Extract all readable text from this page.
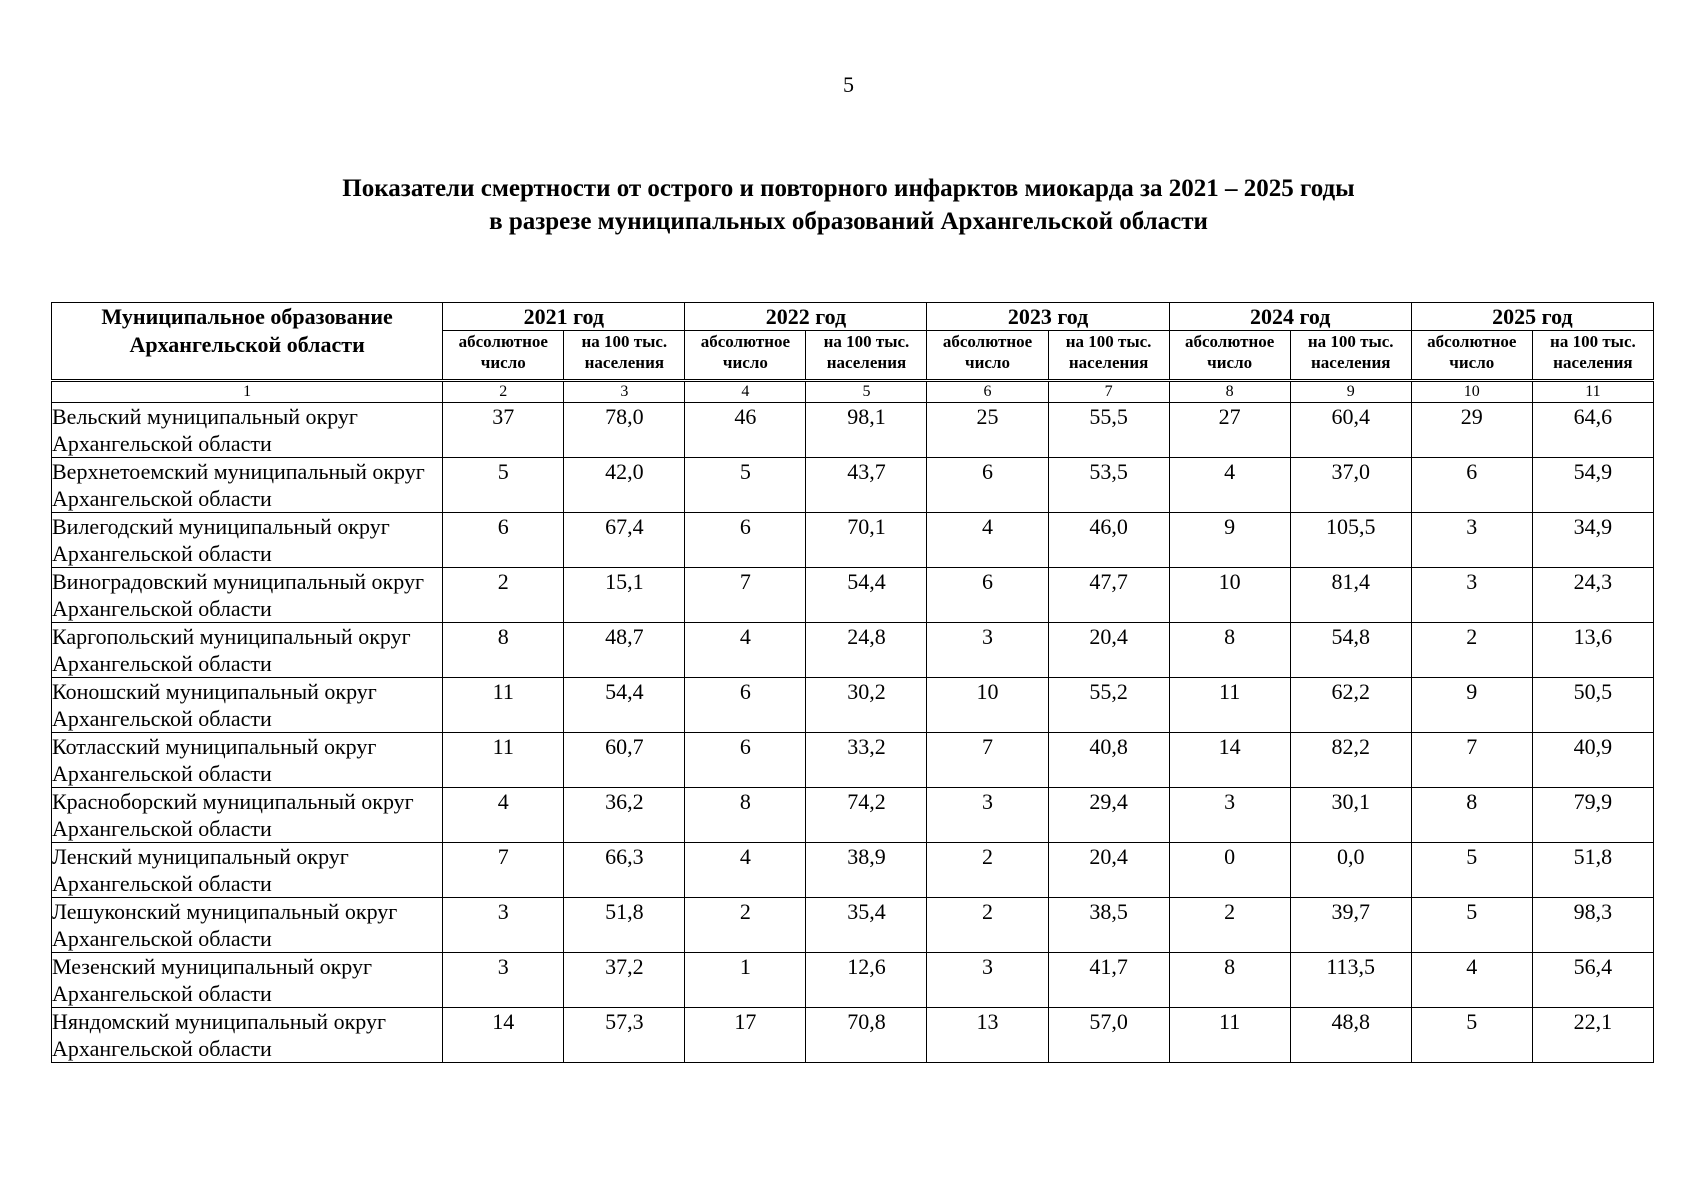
5
Показатели смертности от острого и повторного инфарктов миокарда за 2021 – 2025 годы
в разрезе муниципальных образований Архангельской области
Муниципальное образование Архангельской области	2021 год		2022 год		2023 год		2024 год		2025 год	
	абсолютное число	на 100 тыс. населения	абсолютное число	на 100 тыс. населения	абсолютное число	на 100 тыс. населения	абсолютное число	на 100 тыс. населения	абсолютное число	на 100 тыс. населения
1	2	3	4	5	6	7	8	9	10	11
Вельский муниципальный округ Архангельской области	37	78,0	46	98,1	25	55,5	27	60,4	29	64,6
Верхнетоемский муниципальный округ Архангельской области	5	42,0	5	43,7	6	53,5	4	37,0	6	54,9
Вилегодский муниципальный округ Архангельской области	6	67,4	6	70,1	4	46,0	9	105,5	3	34,9
Виноградовский муниципальный округ Архангельской области	2	15,1	7	54,4	6	47,7	10	81,4	3	24,3
Каргопольский муниципальный округ Архангельской области	8	48,7	4	24,8	3	20,4	8	54,8	2	13,6
Коношский муниципальный округ Архангельской области	11	54,4	6	30,2	10	55,2	11	62,2	9	50,5
Котласский муниципальный округ Архангельской области	11	60,7	6	33,2	7	40,8	14	82,2	7	40,9
Красноборский муниципальный округ Архангельской области	4	36,2	8	74,2	3	29,4	3	30,1	8	79,9
Ленский муниципальный округ Архангельской области	7	66,3	4	38,9	2	20,4	0	0,0	5	51,8
Лешуконский муниципальный округ Архангельской области	3	51,8	2	35,4	2	38,5	2	39,7	5	98,3
Мезенский муниципальный округ Архангельской области	3	37,2	1	12,6	3	41,7	8	113,5	4	56,4
Няндомский муниципальный округ Архангельской области	14	57,3	17	70,8	13	57,0	11	48,8	5	22,1
